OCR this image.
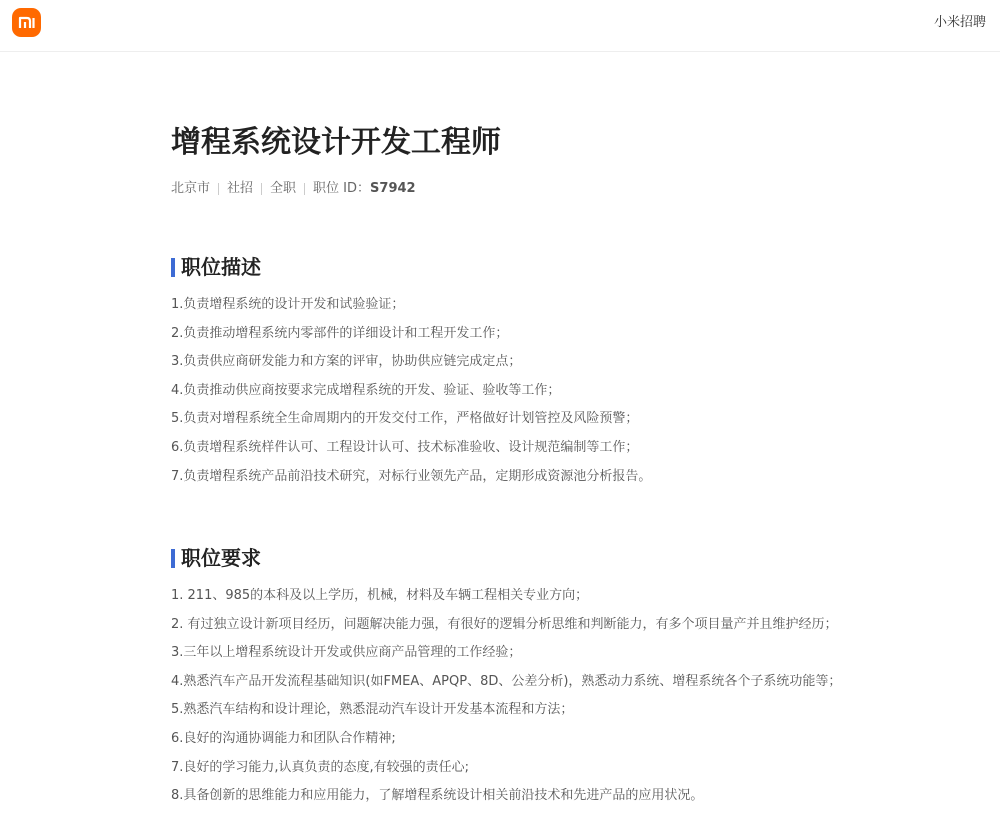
小米招聘
增程系统设计开发工程师
北京市 社招 全职 职位 ID： S7942
职位描述
1.负责增程系统的设计开发和试验验证；
2.负责推动增程系统内零部件的详细设计和工程开发工作；
3.负责供应商研发能力和方案的评审，协助供应链完成定点；
4.负责推动供应商按要求完成增程系统的开发、验证、验收等工作；
5.负责对增程系统全生命周期内的开发交付工作，严格做好计划管控及风险预警；
6.负责增程系统样件认可、工程设计认可、技术标准验收、设计规范编制等工作；
7.负责增程系统产品前沿技术研究，对标行业领先产品，定期形成资源池分析报告。
职位要求
1. 211、985的本科及以上学历，机械，材料及车辆工程相关专业方向；
2. 有过独立设计新项目经历，问题解决能力强，有很好的逻辑分析思维和判断能力，有多个项目量产并且维护经历；
3.三年以上增程系统设计开发或供应商产品管理的工作经验；
4.熟悉汽车产品开发流程基础知识(如FMEA、APQP、8D、公差分析)，熟悉动力系统、增程系统各个子系统功能等；
5.熟悉汽车结构和设计理论，熟悉混动汽车设计开发基本流程和方法；
6.良好的沟通协调能力和团队合作精神;
7.良好的学习能力,认真负责的态度,有较强的责任心;
8.具备创新的思维能力和应用能力，了解增程系统设计相关前沿技术和先进产品的应用状况。
